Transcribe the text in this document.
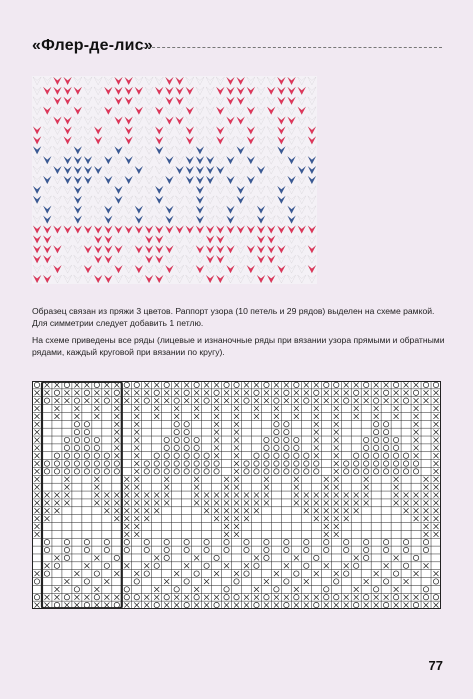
«Флер-де-лис»

Образец связан из пряжи 3 цветов. Раппорт узора (10 петель и 29 рядов) выделен на схеме рамкой. Для симметрии следует добавить 1 петлю.

На схеме приведены все ряды (лицевые и изнаночные ряды при вязании узора прямыми и обратными рядами, каждый круговой при вязании по кругу).

77
